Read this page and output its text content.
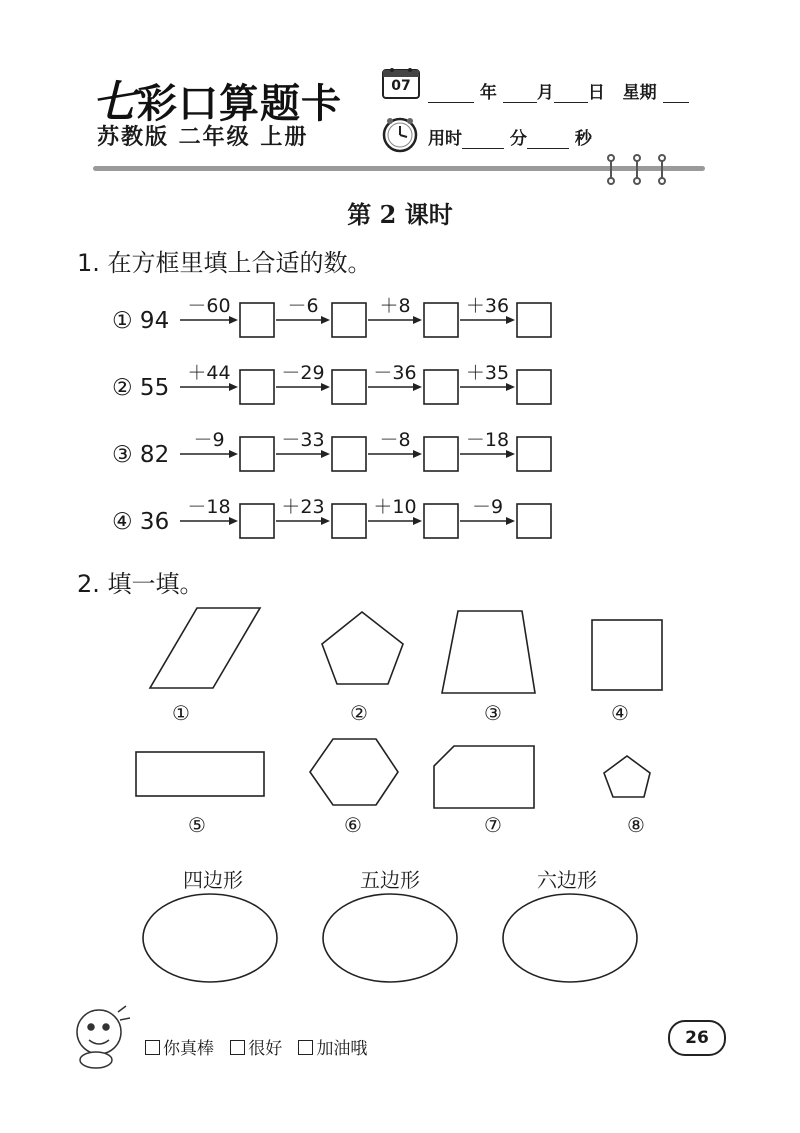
七彩口算题卡
苏教版 二年级 上册
07	年 月 日 星期
用时	分	秒
第 2 课时
1. 在方框里填上合适的数。
① 94
－60	－6	＋8	＋36
② 55
＋44	－29	－36	＋35
③ 82
－9	－33	－8	－18
④ 36
－18	＋23	＋10	－9
2. 填一填。
①	②	③	④
⑤	⑥	⑦	⑧
四边形	五边形	六边形
你真棒 很好 加油哦
26
